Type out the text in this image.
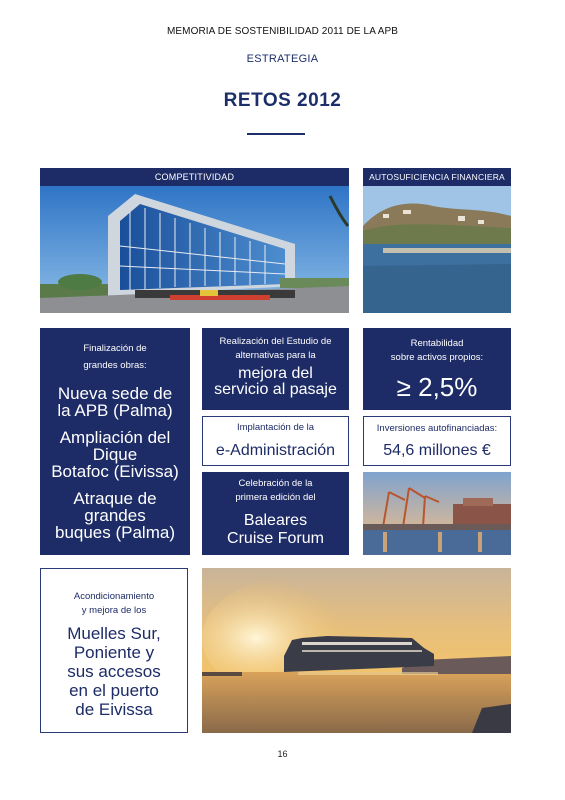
MEMORIA DE SOSTENIBILIDAD 2011 DE LA APB
ESTRATEGIA
RETOS 2012
COMPETITIVIDAD
Finalización de
grandes obras:
Nueva sede de
la APB (Palma)
Ampliación del
Dique
Botafoc (Eivissa)
Atraque de
grandes
buques (Palma)
Realización del Estudio de
alternativas para la
mejora del
servicio al pasaje
Implantación de la
e-Administración
Celebración de la
primera edición del
Baleares
Cruise Forum
AUTOSUFICIENCIA FINANCIERA
Rentabilidad
sobre activos propios:
≥ 2,5%
Inversiones autofinanciadas:
54,6 millones €
Acondicionamiento
y mejora de los
Muelles Sur,
Poniente y
sus accesos
en el puerto
de Eivissa
16
